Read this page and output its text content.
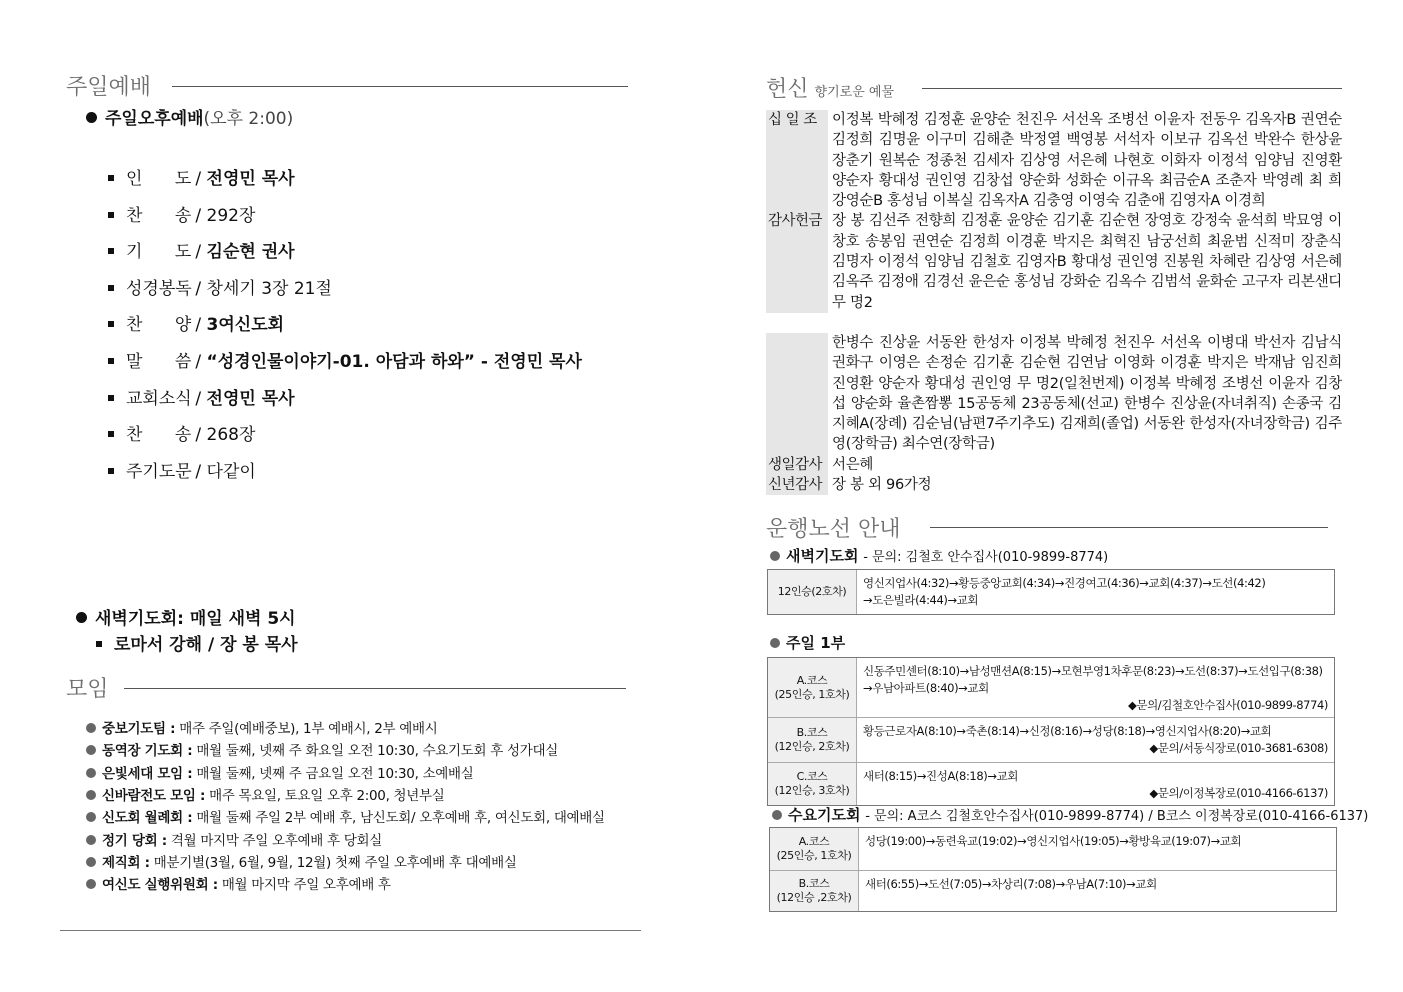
주일예배
주일오후예배(오후 2:00)
인      도 / 전영민 목사
찬      송 / 292장
기      도 / 김순현 권사
성경봉독 / 창세기 3장 21절
찬      양 / 3여신도회
말      씀 / “성경인물이야기-01. 아담과 하와” - 전영민 목사
교회소식 / 전영민 목사
찬      송 / 268장
주기도문 / 다같이
새벽기도회: 매일 새벽 5시
로마서 강해 / 장 봉 목사
모임
중보기도팀 : 매주 주일(예배중보), 1부 예배시, 2부 예배시
동역장 기도회 : 매월 둘째, 넷째 주 화요일 오전 10:30, 수요기도회 후 성가대실
은빛세대 모임 : 매월 둘째, 넷째 주 금요일 오전 10:30, 소예배실
신바람전도 모임 : 매주 목요일, 토요일 오후 2:00, 청년부실
신도회 월례회 : 매월 둘째 주일 2부 예배 후, 남신도회/ 오후예배 후, 여신도회, 대예배실
정기 당회 : 격월 마지막 주일 오후예배 후 당회실
제직회 : 매분기별(3월, 6월, 9월, 12월) 첫째 주일 오후예배 후 대예배실
여신도 실행위원회 : 매월 마지막 주일 오후예배 후
헌신 향기로운 예물
십 일 조	이정복 박혜정 김정훈 윤양순 천진우 서선옥 조병선 이윤자 전동우 김옥자B 권연순 김정희 김명윤 이구미 김해춘 박정열 백영봉 서석자 이보규 김옥선 박완수 한상윤 장춘기 원복순 정종천 김세자 김상영 서은혜 나현호 이화자 이정석 임양님 진영환 양순자 황대성 권인영 김창섭 양순화 성화순 이규옥 최금순A 조춘자 박영례 최 희 강영순B 홍성님 이복실 김옥자A 김충영 이영숙 김춘애 김영자A 이경희
감사헌금 장 봉 김선주 전향희 김정훈 윤양순 김기훈 김순현 장영호 강정숙 윤석희 박묘영 이창호 송봉임 권연순 김정희 이경훈 박지은 최혁진 남궁선희 최윤범 신적미 장춘식 김명자 이정석 임양님 김철호 김영자B 황대성 권인영 진봉원 차혜란 김상영 서은혜 김옥주 김정애 김경선 윤은순 홍성님 강화순 김옥수 김범석 윤화순 고구자 리본샌디 무 명2
한병수 진상윤 서동완 한성자 이정복 박혜정 천진우 서선옥 이병대 박선자 김남식 권화구 이영은 손정순 김기훈 김순현 김연남 이영화 이경훈 박지은 박재남 임진희 진영환 양순자 황대성 권인영 무 명2(일천번제) 이정복 박혜정 조병선 이윤자 김창섭 양순화 율촌짬뽕 15공동체 23공동체(선교) 한병수 진상윤(자녀취직) 손종국 김지혜A(장례) 김순님(남편7주기추도) 김재희(졸업) 서동완 한성자(자녀장학금) 김주영(장학금) 최수연(장학금)
생일감사 서은혜
신년감사 장 봉 외 96가정
운행노선 안내
새벽기도회 - 문의: 김철호 안수집사(010-9899-8774)
12인승(2호차)
영신지업사(4:32)→황등중앙교회(4:34)→진경여고(4:36)→교회(4:37)→도선(4:42)
→도은빌라(4:44)→교회
주일 1부
A.코스
(25인승, 1호차)
신동주민센터(8:10)→남성맨션A(8:15)→모현부영1차후문(8:23)→도선(8:37)→도선입구(8:38)
→우남아파트(8:40)→교회
◆문의/김철호안수집사(010-9899-8774)
B.코스
(12인승, 2호차)
황등근로자A(8:10)→죽촌(8:14)→신정(8:16)→성당(8:18)→영신지업사(8:20)→교회
◆문의/서동식장로(010-3681-6308)
C.코스
(12인승, 3호차)
새터(8:15)→진성A(8:18)→교회
◆문의/이정복장로(010-4166-6137)
수요기도회 - 문의: A코스 김철호안수집사(010-9899-8774) / B코스 이정복장로(010-4166-6137)
A.코스
(25인승, 1호차)
성당(19:00)→동련육교(19:02)→영신지업사(19:05)→황방육교(19:07)→교회
B.코스
(12인승 ,2호차)
새터(6:55)→도선(7:05)→차상리(7:08)→우남A(7:10)→교회
